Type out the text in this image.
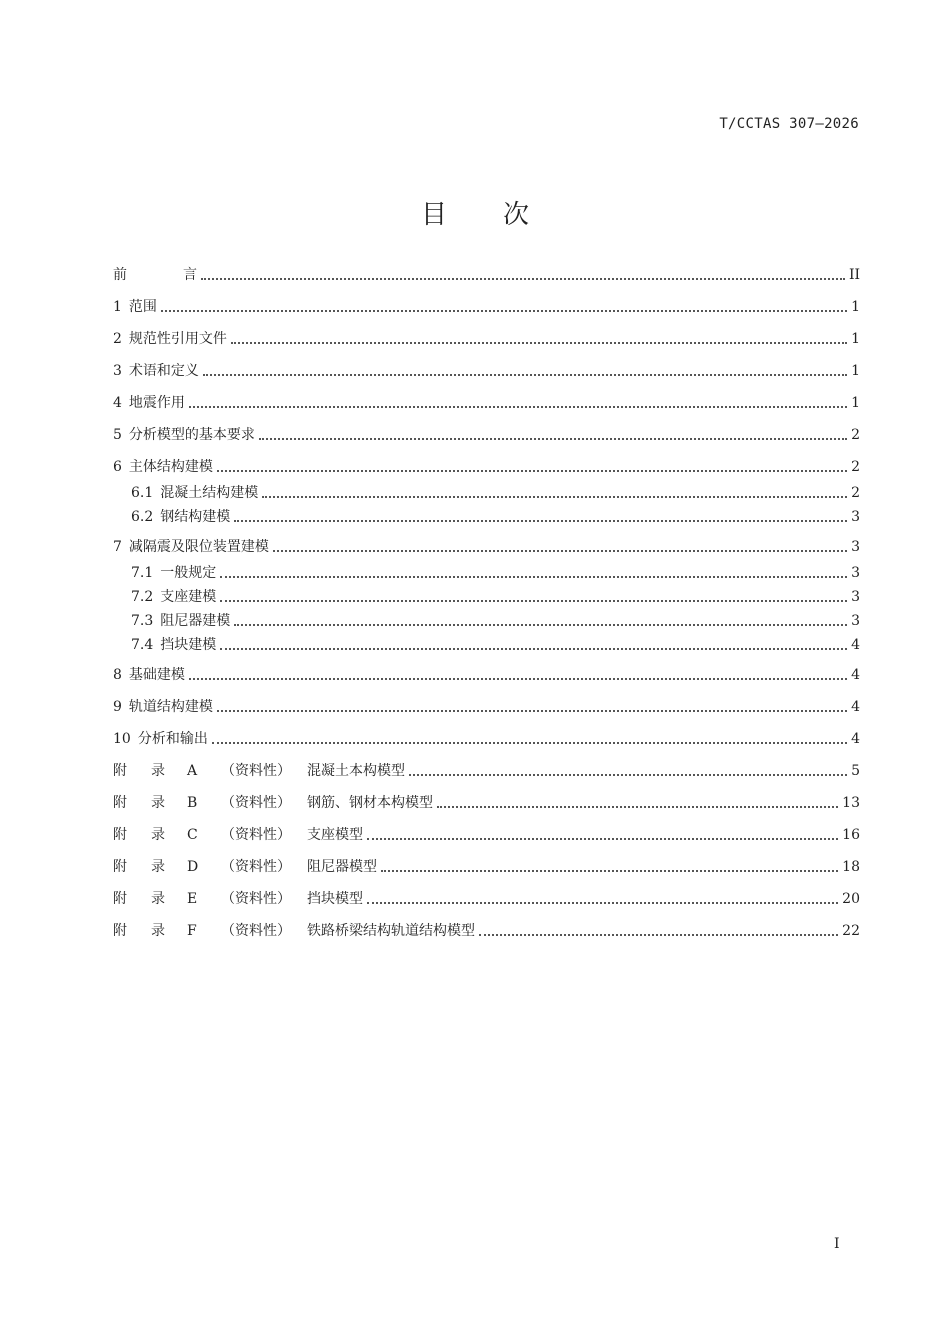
T/CCTAS 307—2026
目次
前	言	II
1 范围	1
2 规范性引用文件	1
3 术语和定义	1
4 地震作用	1
5 分析模型的基本要求	2
6 主体结构建模	2
6.1 混凝土结构建模	2
6.2 钢结构建模	3
7 减隔震及限位装置建模	3
7.1 一般规定	3
7.2 支座建模	3
7.3 阻尼器建模	3
7.4 挡块建模	4
8 基础建模	4
9 轨道结构建模	4
10 分析和输出	4
附 录 A （资料性） 混凝土本构模型	5
附 录 B （资料性） 钢筋、钢材本构模型	13
附 录 C （资料性） 支座模型	16
附 录 D （资料性） 阻尼器模型	18
附 录 E （资料性） 挡块模型	20
附 录 F （资料性） 铁路桥梁结构轨道结构模型	22
I
